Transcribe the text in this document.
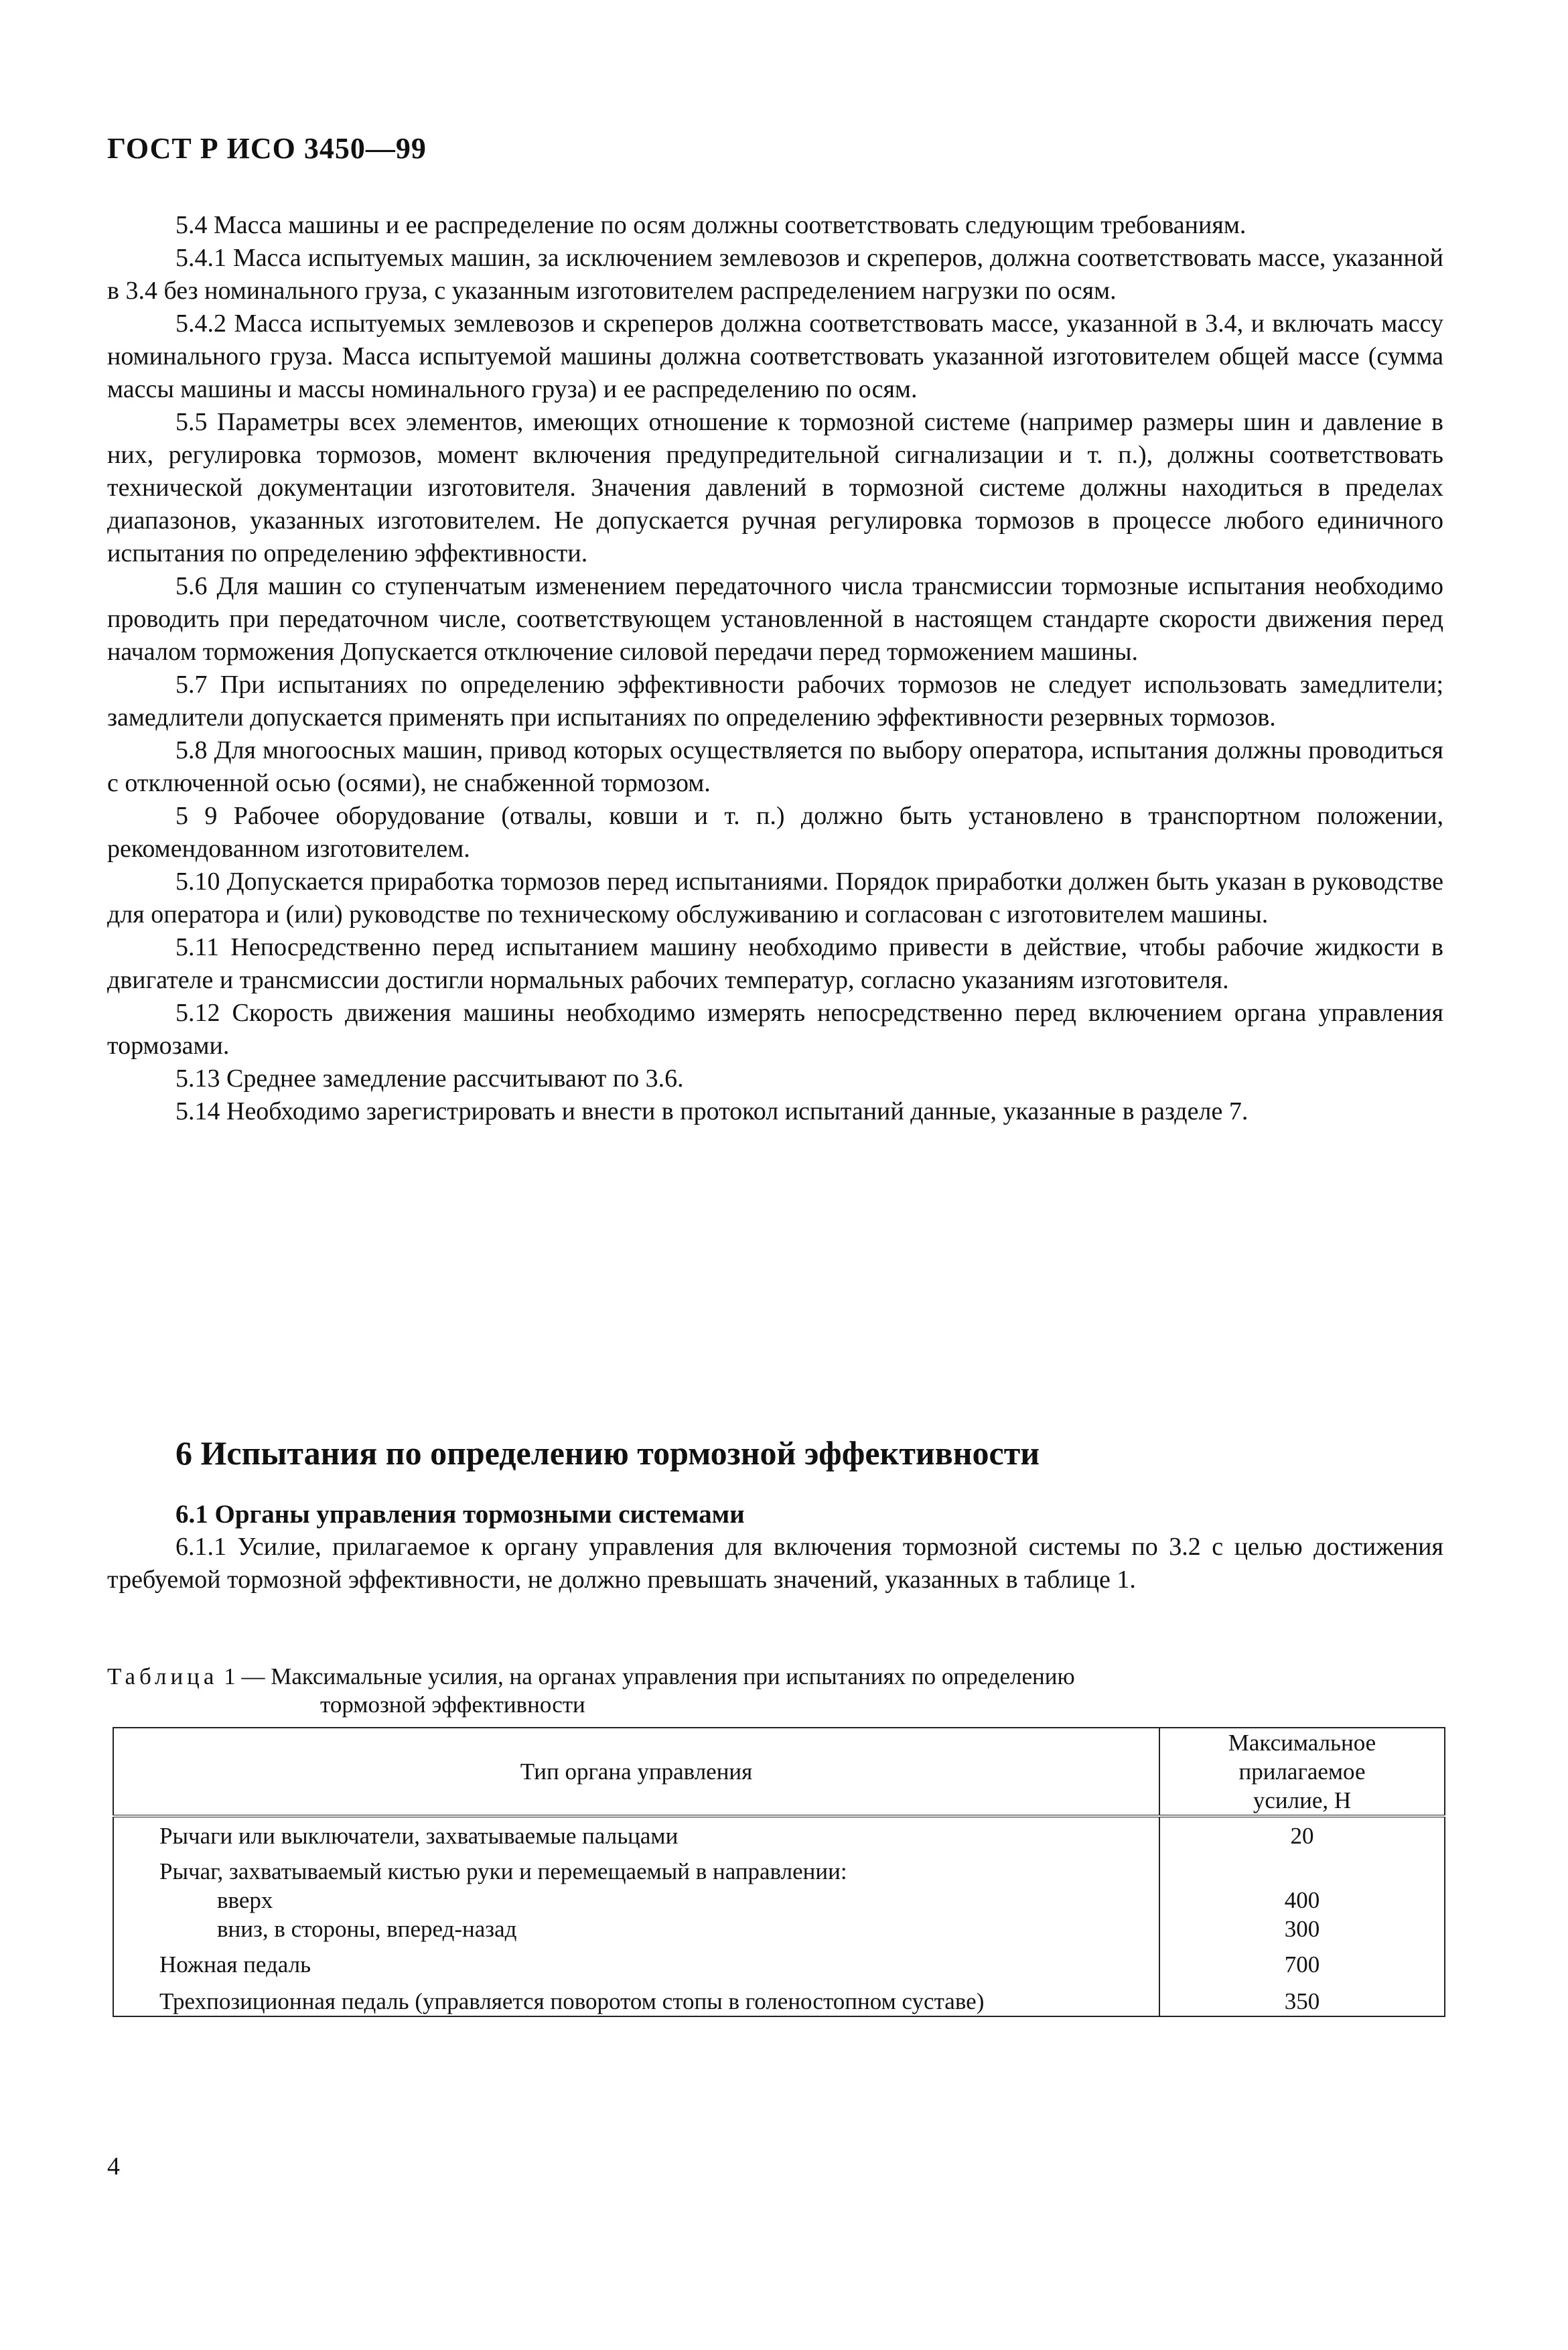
ГОСТ Р ИСО 3450—99

5.4 Масса машины и ее распределение по осям должны соответствовать следующим требованиям.

5.4.1 Масса испытуемых машин, за исключением землевозов и скреперов, должна соответствовать массе, указанной в 3.4 без номинального груза, с указанным изготовителем распределением нагрузки по осям.

5.4.2 Масса испытуемых землевозов и скреперов должна соответствовать массе, указанной в 3.4, и включать массу номинального груза. Масса испытуемой машины должна соответствовать указанной изготовителем общей массе (сумма массы машины и массы номинального груза) и ее распределению по осям.

5.5 Параметры всех элементов, имеющих отношение к тормозной системе (например размеры шин и давление в них, регулировка тормозов, момент включения предупредительной сигнализации и т. п.), должны соответствовать технической документации изготовителя. Значения давлений в тормозной системе должны находиться в пределах диапазонов, указанных изготовителем. Не допускается ручная регулировка тормозов в процессе любого единичного испытания по определению эффективности.

5.6 Для машин со ступенчатым изменением передаточного числа трансмиссии тормозные испытания необходимо проводить при передаточном числе, соответствующем установленной в настоящем стандарте скорости движения перед началом торможения Допускается отключение силовой передачи перед торможением машины.

5.7 При испытаниях по определению эффективности рабочих тормозов не следует использовать замедлители; замедлители допускается применять при испытаниях по определению эффективности резервных тормозов.

5.8 Для многоосных машин, привод которых осуществляется по выбору оператора, испытания должны проводиться с отключенной осью (осями), не снабженной тормозом.

5 9 Рабочее оборудование (отвалы, ковши и т. п.) должно быть установлено в транспортном положении, рекомендованном изготовителем.

5.10 Допускается приработка тормозов перед испытаниями. Порядок приработки должен быть указан в руководстве для оператора и (или) руководстве по техническому обслуживанию и согласован с изготовителем машины.

5.11 Непосредственно перед испытанием машину необходимо привести в действие, чтобы рабочие жидкости в двигателе и трансмиссии достигли нормальных рабочих температур, согласно указаниям изготовителя.

5.12 Скорость движения машины необходимо измерять непосредственно перед включением органа управления тормозами.

5.13 Среднее замедление рассчитывают по 3.6.

5.14 Необходимо зарегистрировать и внести в протокол испытаний данные, указанные в разделе 7.

6 Испытания по определению тормозной эффективности

6.1 Органы управления тормозными системами

6.1.1 Усилие, прилагаемое к органу управления для включения тормозной системы по 3.2 с целью достижения требуемой тормозной эффективности, не должно превышать значений, указанных в таблице 1.

Таблица 1 — Максимальные усилия, на органах управления при испытаниях по определению
тормозной эффективности
Тип органа управления	Максимальное прилагаемое
усилие, Н
Рычаги или выключатели, захватываемые пальцами	20
Рычаг, захватываемый кистью руки и перемещаемый в направлении:	

вверх	400

вниз, в стороны, вперед-назад	300
Ножная педаль	700
Трехпозиционная педаль (управляется поворотом стопы в голеностопном суставе)	350
4
